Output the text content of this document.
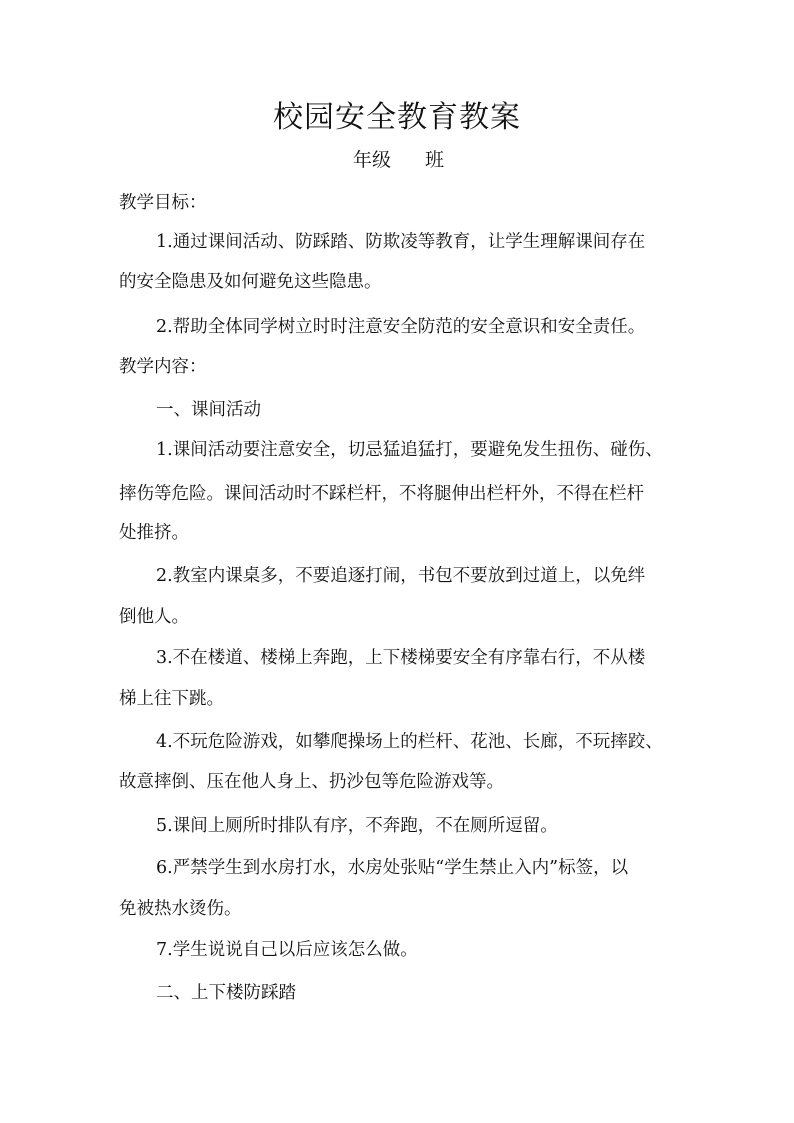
校园安全教育教案
年级 班
教学目标：
1.通过课间活动、防踩踏、防欺凌等教育，让学生理解课间存在
的安全隐患及如何避免这些隐患。
2.帮助全体同学树立时时注意安全防范的安全意识和安全责任。
教学内容：
一、课间活动
1.课间活动要注意安全，切忌猛追猛打，要避免发生扭伤、碰伤、
摔伤等危险。课间活动时不踩栏杆，不将腿伸出栏杆外，不得在栏杆
处推挤。
2.教室内课桌多，不要追逐打闹，书包不要放到过道上，以免绊
倒他人。
3.不在楼道、楼梯上奔跑，上下楼梯要安全有序靠右行，不从楼
梯上往下跳。
4.不玩危险游戏，如攀爬操场上的栏杆、花池、长廊，不玩摔跤、
故意摔倒、压在他人身上、扔沙包等危险游戏等。
5.课间上厕所时排队有序，不奔跑，不在厕所逗留。
6.严禁学生到水房打水，水房处张贴“学生禁止入内”标签，以
免被热水烫伤。
7.学生说说自己以后应该怎么做。
二、上下楼防踩踏
